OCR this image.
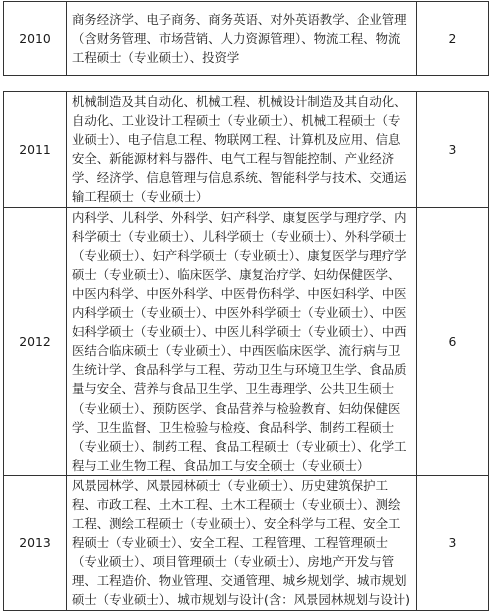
2010	商务经济学、电子商务、商务英语、对外英语教学、企业管理（含财务管理、市场营销、人力资源管理）、物流工程、物流工程硕士（专业硕士）、投资学	2
2011	机械制造及其自动化、机械工程、机械设计制造及其自动化、自动化、工业设计工程硕士（专业硕士）、机械工程硕士（专业硕士）、电子信息工程、物联网工程、计算机及应用、信息安全、新能源材料与器件、电气工程与智能控制、产业经济学、经济学、信息管理与信息系统、智能科学与技术、交通运输工程硕士（专业硕士）	3
2012	内科学、儿科学、外科学、妇产科学、康复医学与理疗学、内科学硕士（专业硕士）、儿科学硕士（专业硕士）、外科学硕士（专业硕士）、妇产科学硕士（专业硕士）、康复医学与理疗学硕士（专业硕士）、临床医学、康复治疗学、妇幼保健医学、 中医内科学、中医外科学、中医骨伤科学、中医妇科学、中医内科学硕士（专业硕士）、中医外科学硕士（专业硕士）、中医妇科学硕士（专业硕士）、中医儿科学硕士（专业硕士）、中西医结合临床硕士（专业硕士）、中西医临床医学、流行病与卫生统计学、食品科学与工程、劳动卫生与环境卫生学、食品质量与安全、营养与食品卫生学、卫生毒理学、公共卫生硕士（专业硕士）、预防医学、食品营养与检验教育、妇幼保健医学、卫生监督、卫生检验与检疫、食品科学、制药工程硕士（专业硕士）、制药工程、食品工程硕士（专业硕士）、化学工程与工业生物工程、食品加工与安全硕士（专业硕士）	6
2013	风景园林学、风景园林硕士（专业硕士）、历史建筑保护工程、市政工程、土木工程、土木工程硕士（专业硕士）、测绘工程、测绘工程硕士（专业硕士）、安全科学与工程、安全工程硕士（专业硕士）、安全工程、工程管理、工程管理硕士（专业硕士）、项目管理硕士（专业硕士）、房地产开发与管理、工程造价、物业管理、交通管理、城乡规划学、城市规划硕士（专业硕士）、城市规划与设计(含：风景园林规划与设计)	3
